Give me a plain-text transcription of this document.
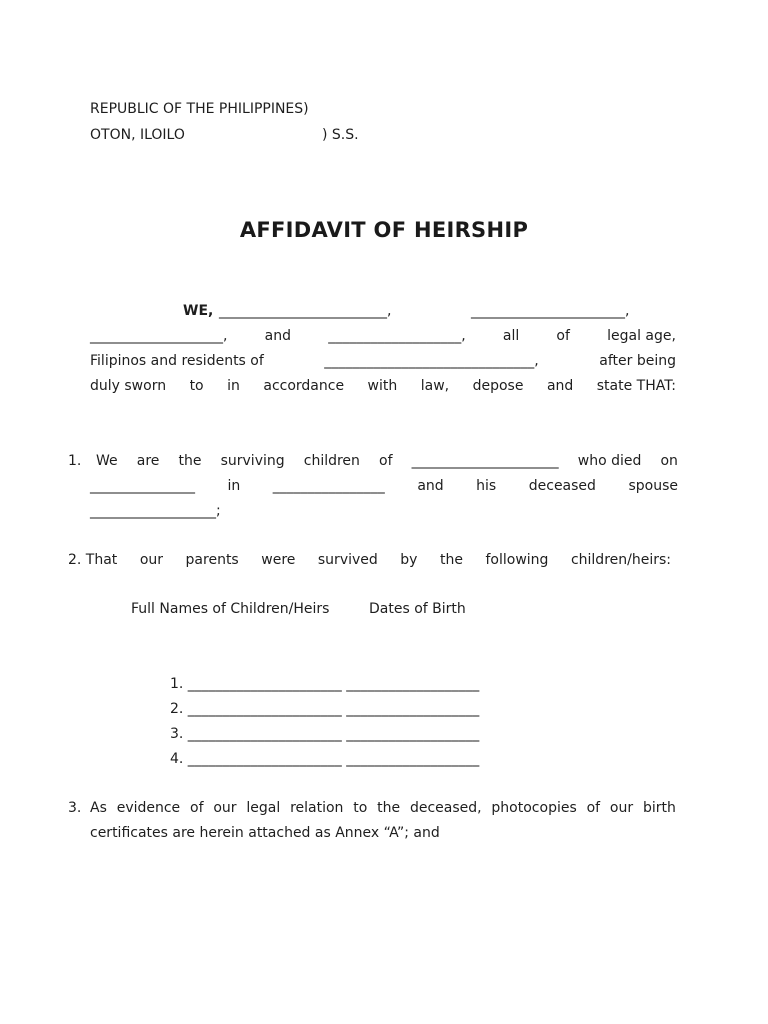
REPUBLIC OF THE PHILIPPINES)
OTON, ILOILO	) S.S.
AFFIDAVIT OF HEIRSHIP
WE, ________________________,	______________________,
___________________,	and	___________________,	all	of	legal age,
Filipinos and residents of	______________________________,	after being
duly sworn to in accordance with law, depose and state THAT:
1. We are the surviving children of _____________________ who died on
_______________ in ________________ and his deceased spouse
__________________;
2. That our parents were survived by the following children/heirs:
Full Names of Children/Heirs	Dates of Birth
1. ______________________ ___________________
2. ______________________ ___________________
3. ______________________ ___________________
4. ______________________ ___________________
3. As evidence of our legal relation to the deceased, photocopies of our birth
certificates are herein attached as Annex “A”; and
